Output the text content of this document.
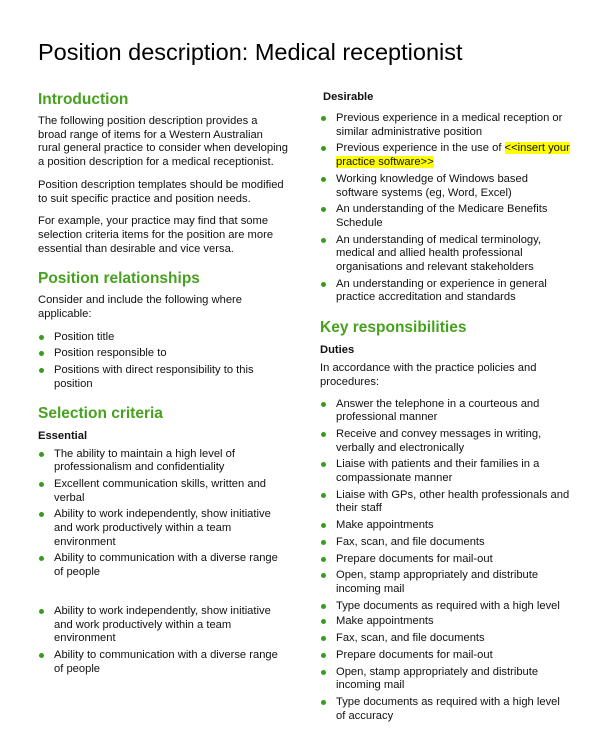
Position description: Medical receptionist
Introduction

The following position description provides a broad range of items for a Western Australian rural general practice to consider when developing a position description for a medical receptionist.

Position description templates should be modified to suit specific practice and position needs.

For example, your practice may find that some selection criteria items for the position are more essential than desirable and vice versa.

Position relationships

Consider and include the following where applicable:

Position title
Position responsible to
Positions with direct responsibility to this position
Selection criteria
Essential
The ability to maintain a high level of professionalism and confidentiality
Excellent communication skills, written and verbal
Ability to work independently, show initiative and work productively within a team environment
Ability to communication with a diverse range of people
Ability to work independently, show initiative and work productively within a team environment
Ability to communication with a diverse range of people
Desirable
Previous experience in a medical reception or similar administrative position
Previous experience in the use of <<insert your practice software>>
Working knowledge of Windows based software systems (eg, Word, Excel)
An understanding of the Medicare Benefits Schedule
An understanding of medical terminology, medical and allied health professional organisations and relevant stakeholders
An understanding or experience in general practice accreditation and standards
Key responsibilities
Duties

In accordance with the practice policies and procedures:

Answer the telephone in a courteous and professional manner
Receive and convey messages in writing, verbally and electronically
Liaise with patients and their families in a compassionate manner
Liaise with GPs, other health professionals and their staff
Make appointments
Fax, scan, and file documents
Prepare documents for mail-out
Open, stamp appropriately and distribute incoming mail
Type documents as required with a high level
Make appointments
Fax, scan, and file documents
Prepare documents for mail-out
Open, stamp appropriately and distribute incoming mail
Type documents as required with a high level of accuracy
